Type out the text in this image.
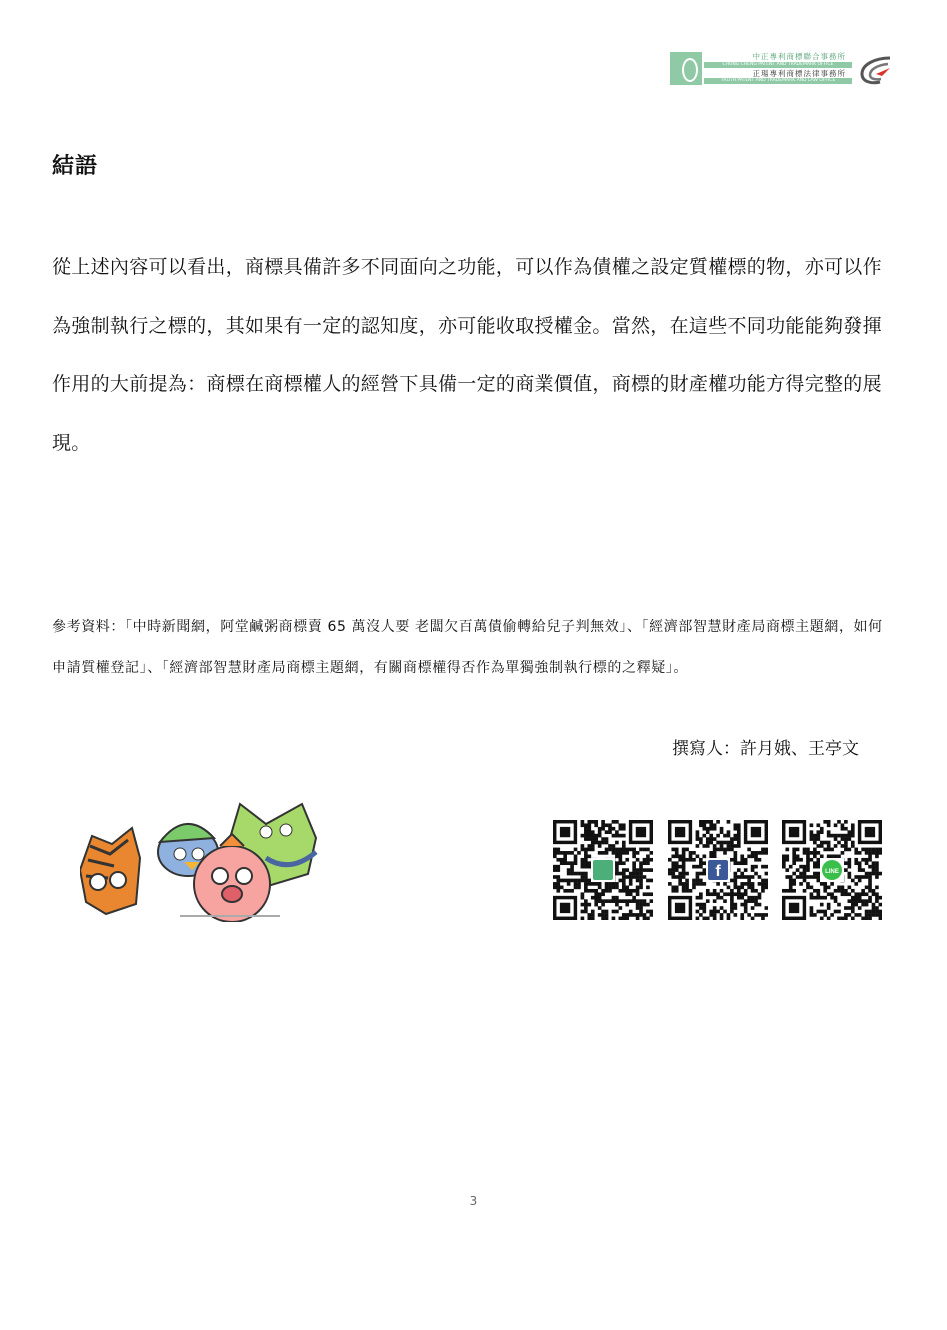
中正專利商標聯合事務所
CHUNG CHENG PATENT AND TRADEMARK OFFICE
正瑒專利商標法律事務所
TRUTH PATENT AND TRADEMARK AND LAW OFFICE
結語
從上述內容可以看出，商標具備許多不同面向之功能，可以作為債權之設定質權標的物，亦可以作為強制執行之標的，其如果有一定的認知度，亦可能收取授權金。當然，在這些不同功能能夠發揮作用的大前提為：商標在商標權人的經營下具備一定的商業價值，商標的財產權功能方得完整的展現。
參考資料：「中時新聞網，阿堂鹹粥商標賣 65 萬沒人要 老闆欠百萬債偷轉給兒子判無效」、「經濟部智慧財產局商標主題網，如何申請質權登記」、「經濟部智慧財產局商標主題網，有關商標權得否作為單獨強制執行標的之釋疑」。
撰寫人：許月娥、王亭文
f	LINE
3
